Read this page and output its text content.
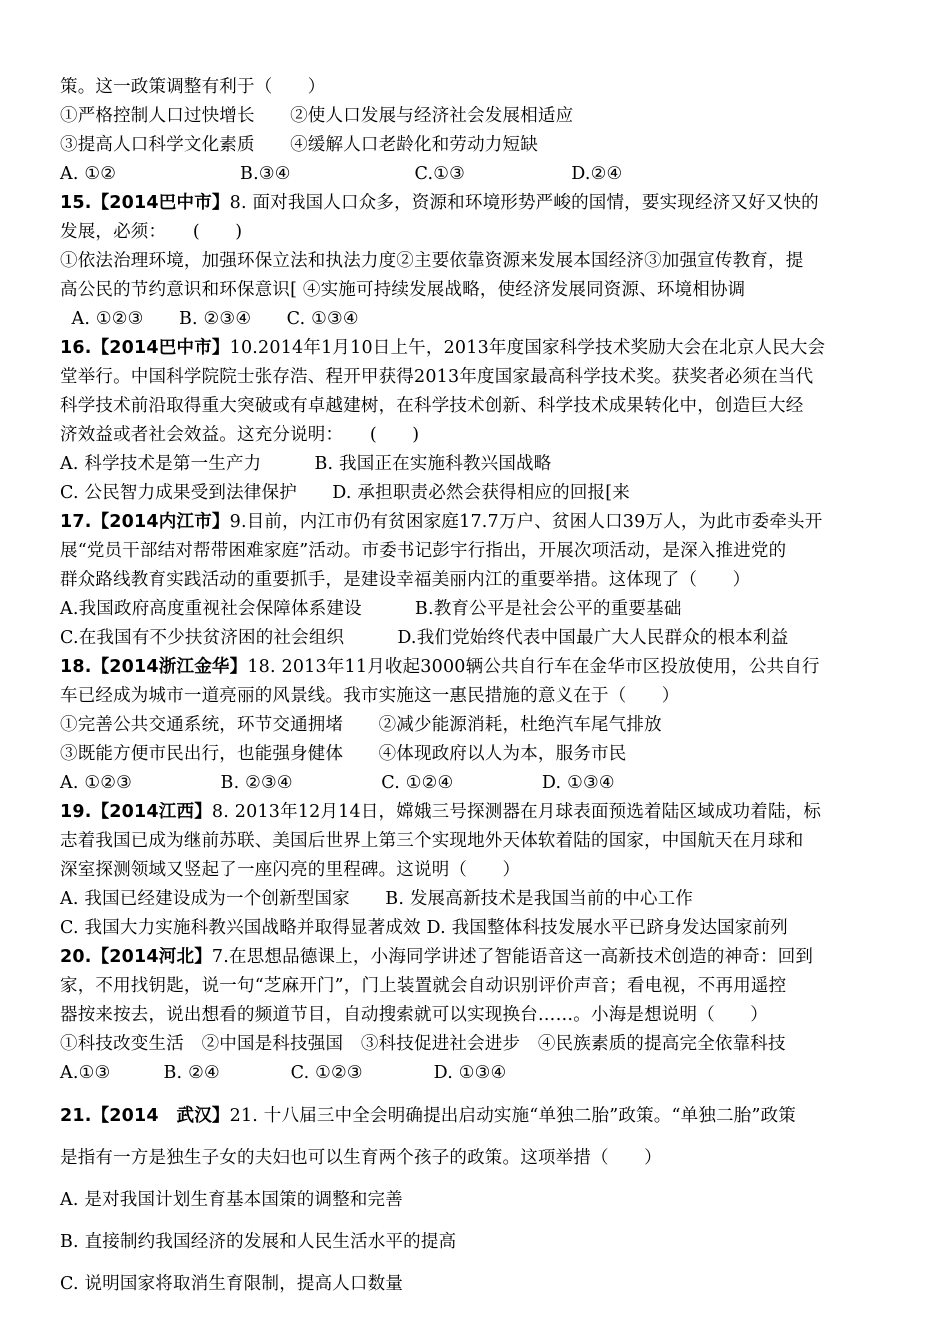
策。这一政策调整有利于（　　）
①严格控制人口过快增长　　②使人口发展与经济社会发展相适应
③提高人口科学文化素质　　④缓解人口老龄化和劳动力短缺
A. ①②　　　　　　　B.③④　　　　　　　C.①③　　　　　　D.②④
15.【2014巴中市】8. 面对我国人口众多，资源和环境形势严峻的国情，要实现经济又好又快的
发展，必须：　　(　　)
①依法治理环境，加强环保立法和执法力度②主要依靠资源来发展本国经济③加强宣传教育，提
高公民的节约意识和环保意识[ ④实施可持续发展战略，使经济发展同资源、环境相协调
A. ①②③　　B. ②③④　　C. ①③④
16.【2014巴中市】10.2014年1月10日上午，2013年度国家科学技术奖励大会在北京人民大会
堂举行。中国科学院院士张存浩、程开甲获得2013年度国家最高科学技术奖。获奖者必须在当代
科学技术前沿取得重大突破或有卓越建树，在科学技术创新、科学技术成果转化中，创造巨大经
济效益或者社会效益。这充分说明：　　(　　)
A. 科学技术是第一生产力　　　B. 我国正在实施科教兴国战略
C. 公民智力成果受到法律保护　　D. 承担职责必然会获得相应的回报[来
17.【2014内江市】9.目前，内江市仍有贫困家庭17.7万户、贫困人口39万人，为此市委牵头开
展“党员干部结对帮带困难家庭”活动。市委书记彭宇行指出，开展次项活动，是深入推进党的
群众路线教育实践活动的重要抓手，是建设幸福美丽内江的重要举措。这体现了（　　）
A.我国政府高度重视社会保障体系建设　　　B.教育公平是社会公平的重要基础
C.在我国有不少扶贫济困的社会组织　　　D.我们党始终代表中国最广大人民群众的根本利益
18.【2014浙江金华】18. 2013年11月收起3000辆公共自行车在金华市区投放使用，公共自行
车已经成为城市一道亮丽的风景线。我市实施这一惠民措施的意义在于（　　）
①完善公共交通系统，环节交通拥堵　　②减少能源消耗，杜绝汽车尾气排放
③既能方便市民出行，也能强身健体　　④体现政府以人为本，服务市民
A. ①②③　　　　　B. ②③④　　　　　C. ①②④　　　　　D. ①③④
19.【2014江西】8. 2013年12月14日，嫦娥三号探测器在月球表面预选着陆区域成功着陆，标
志着我国已成为继前苏联、美国后世界上第三个实现地外天体软着陆的国家，中国航天在月球和
深室探测领域又竖起了一座闪亮的里程碑。这说明（　　）
A. 我国已经建设成为一个创新型国家　　B. 发展高新技术是我国当前的中心工作
C. 我国大力实施科教兴国战略并取得显著成效 D. 我国整体科技发展水平已跻身发达国家前列
20.【2014河北】7.在思想品德课上，小海同学讲述了智能语音这一高新技术创造的神奇：回到
家，不用找钥匙，说一句“芝麻开门”，门上装置就会自动识别评价声音；看电视，不再用遥控
器按来按去，说出想看的频道节目，自动搜索就可以实现换台……。小海是想说明（　　）
①科技改变生活　②中国是科技强国　③科技促进社会进步　④民族素质的提高完全依靠科技
A.①③　　　B. ②④　　　　C. ①②③　　　　D. ①③④
21.【2014　武汉】21. 十八届三中全会明确提出启动实施“单独二胎”政策。“单独二胎”政策
是指有一方是独生子女的夫妇也可以生育两个孩子的政策。这项举措（　　）
A. 是对我国计划生育基本国策的调整和完善
B. 直接制约我国经济的发展和人民生活水平的提高
C. 说明国家将取消生育限制，提高人口数量
